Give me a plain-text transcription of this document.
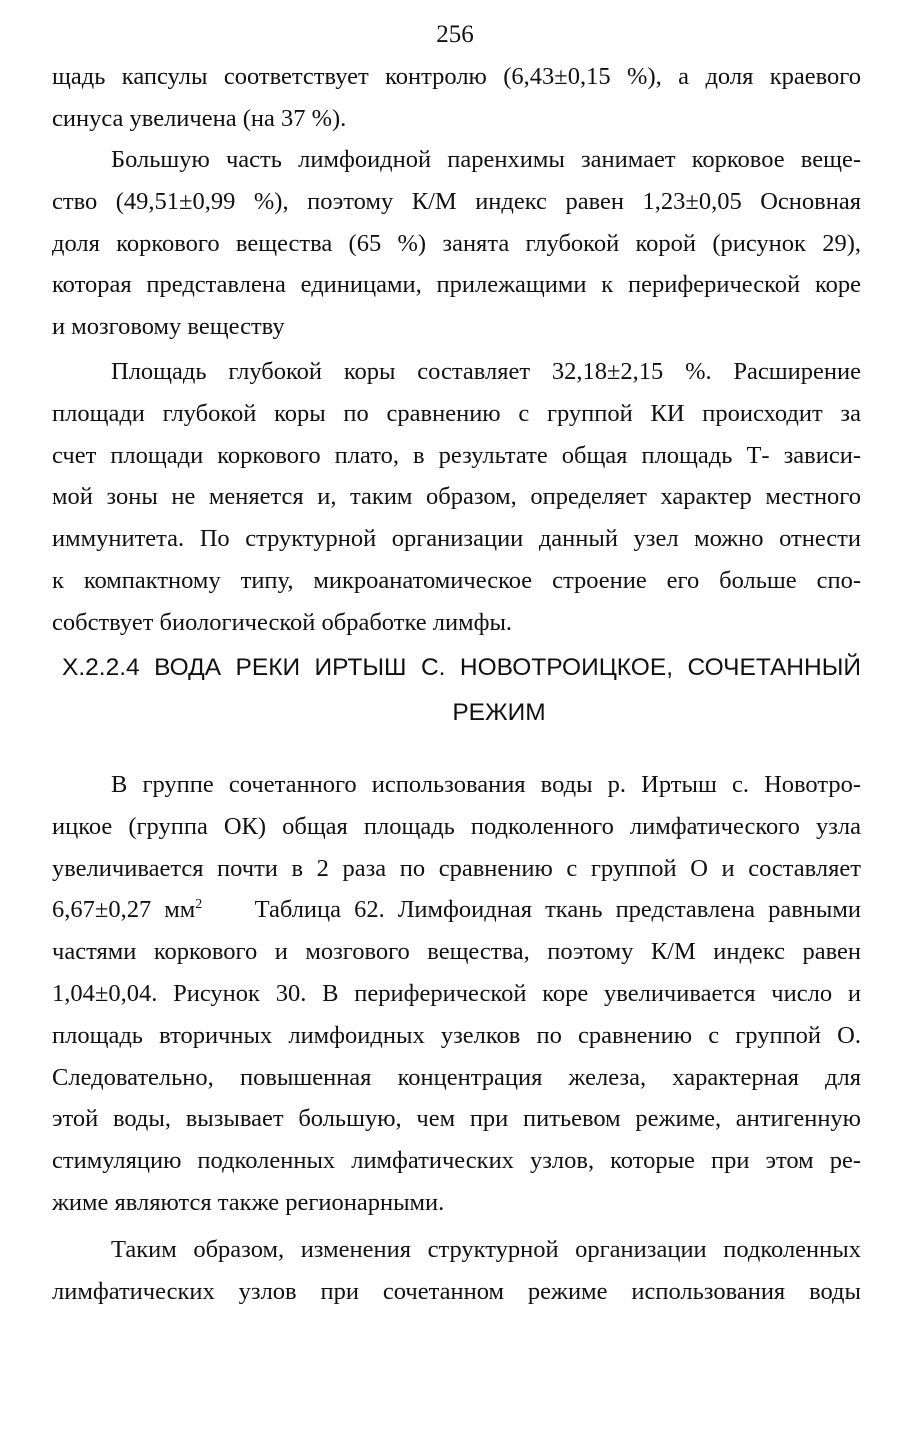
256
щадь капсулы соответствует контролю (6,43±0,15 %), а доля краевого
синуса увеличена (на 37 %).
Большую часть лимфоидной паренхимы занимает корковое веще-
ство (49,51±0,99 %), поэтому К/М индекс равен 1,23±0,05 Основная
доля коркового вещества (65 %) занята глубокой корой (рисунок 29),
которая представлена единицами, прилежащими к периферической коре
и мозговому веществу
Площадь глубокой коры составляет 32,18±2,15 %. Расширение
площади глубокой коры по сравнению с группой КИ происходит за
счет площади коркового плато, в результате общая площадь Т- зависи-
мой зоны не меняется и, таким образом, определяет характер местного
иммунитета. По структурной организации данный узел можно отнести
к компактному типу, микроанатомическое строение его больше спо-
собствует биологической обработке лимфы.
X.2.2.4 ВОДА РЕКИ ИРТЫШ С. НОВОТРОИЦКОЕ, СОЧЕТАННЫЙ
РЕЖИМ
В группе сочетанного использования воды р. Иртыш с. Новотро-
ицкое (группа ОК) общая площадь подколенного лимфатического узла
увеличивается почти в 2 раза по сравнению с группой О и составляет
6,67±0,27 $мм^2$ Таблица 62. Лимфоидная ткань представлена равными
частями коркового и мозгового вещества, поэтому К/М индекс равен
1,04±0,04. Рисунок 30. В периферической коре увеличивается число и
площадь вторичных лимфоидных узелков по сравнению с группой О.
Следовательно, повышенная концентрация железа, характерная для
этой воды, вызывает большую, чем при питьевом режиме, антигенную
стимуляцию подколенных лимфатических узлов, которые при этом ре-
жиме являются также регионарными.
Таким образом, изменения структурной организации подколенных
лимфатических узлов при сочетанном режиме использования воды
